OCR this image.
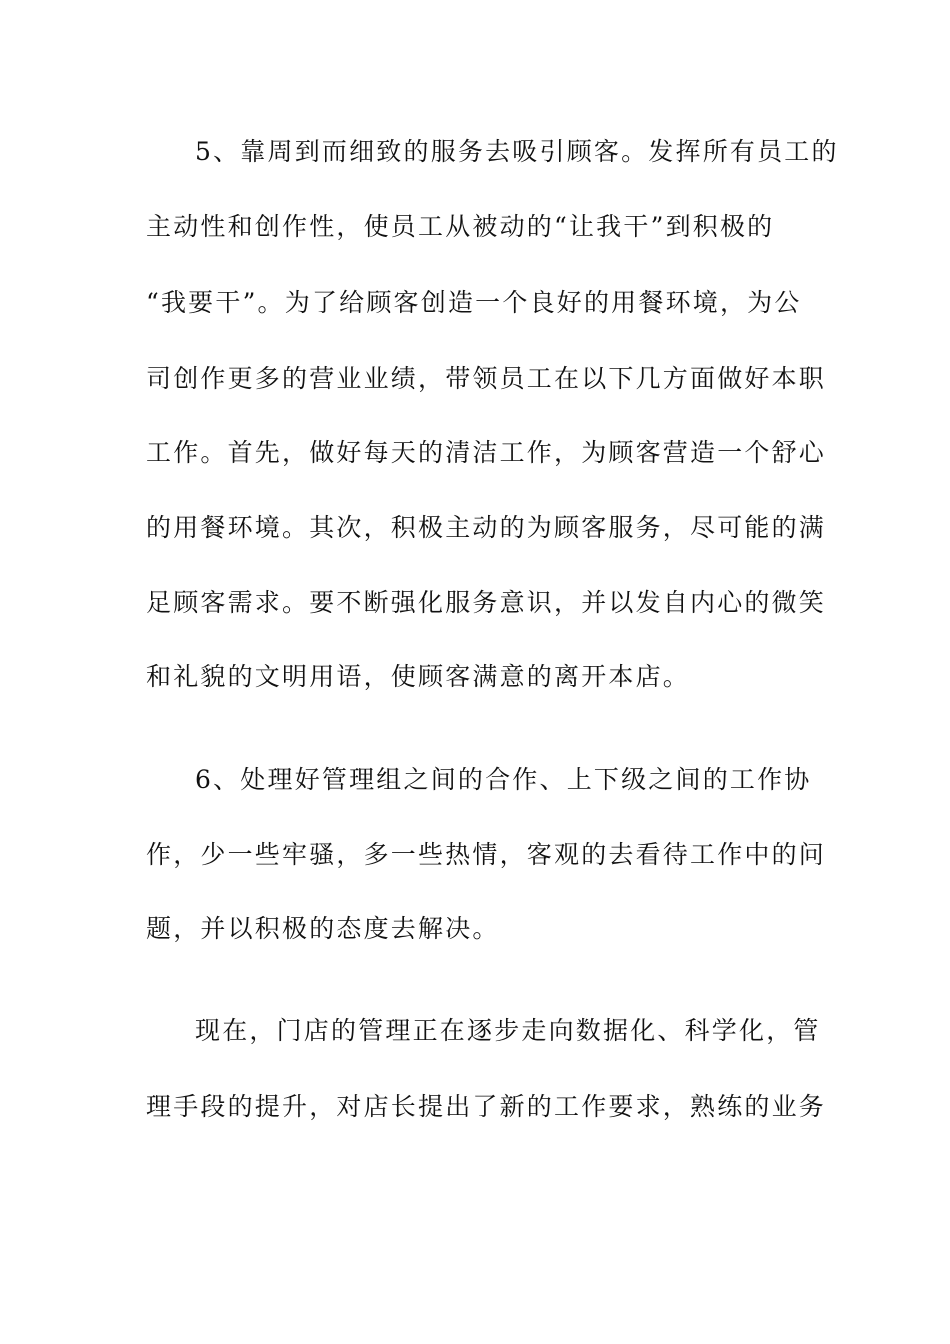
5、靠周到而细致的服务去吸引顾客。发挥所有员工的
主动性和创作性，使员工从被动的“让我干”到积极的
“我要干”。为了给顾客创造一个良好的用餐环境，为公
司创作更多的营业业绩，带领员工在以下几方面做好本职
工作。首先，做好每天的清洁工作，为顾客营造一个舒心
的用餐环境。其次，积极主动的为顾客服务，尽可能的满
足顾客需求。要不断强化服务意识，并以发自内心的微笑
和礼貌的文明用语，使顾客满意的离开本店。
6、处理好管理组之间的合作、上下级之间的工作协
作，少一些牢骚，多一些热情，客观的去看待工作中的问
题，并以积极的态度去解决。
现在，门店的管理正在逐步走向数据化、科学化，管
理手段的提升，对店长提出了新的工作要求，熟练的业务
